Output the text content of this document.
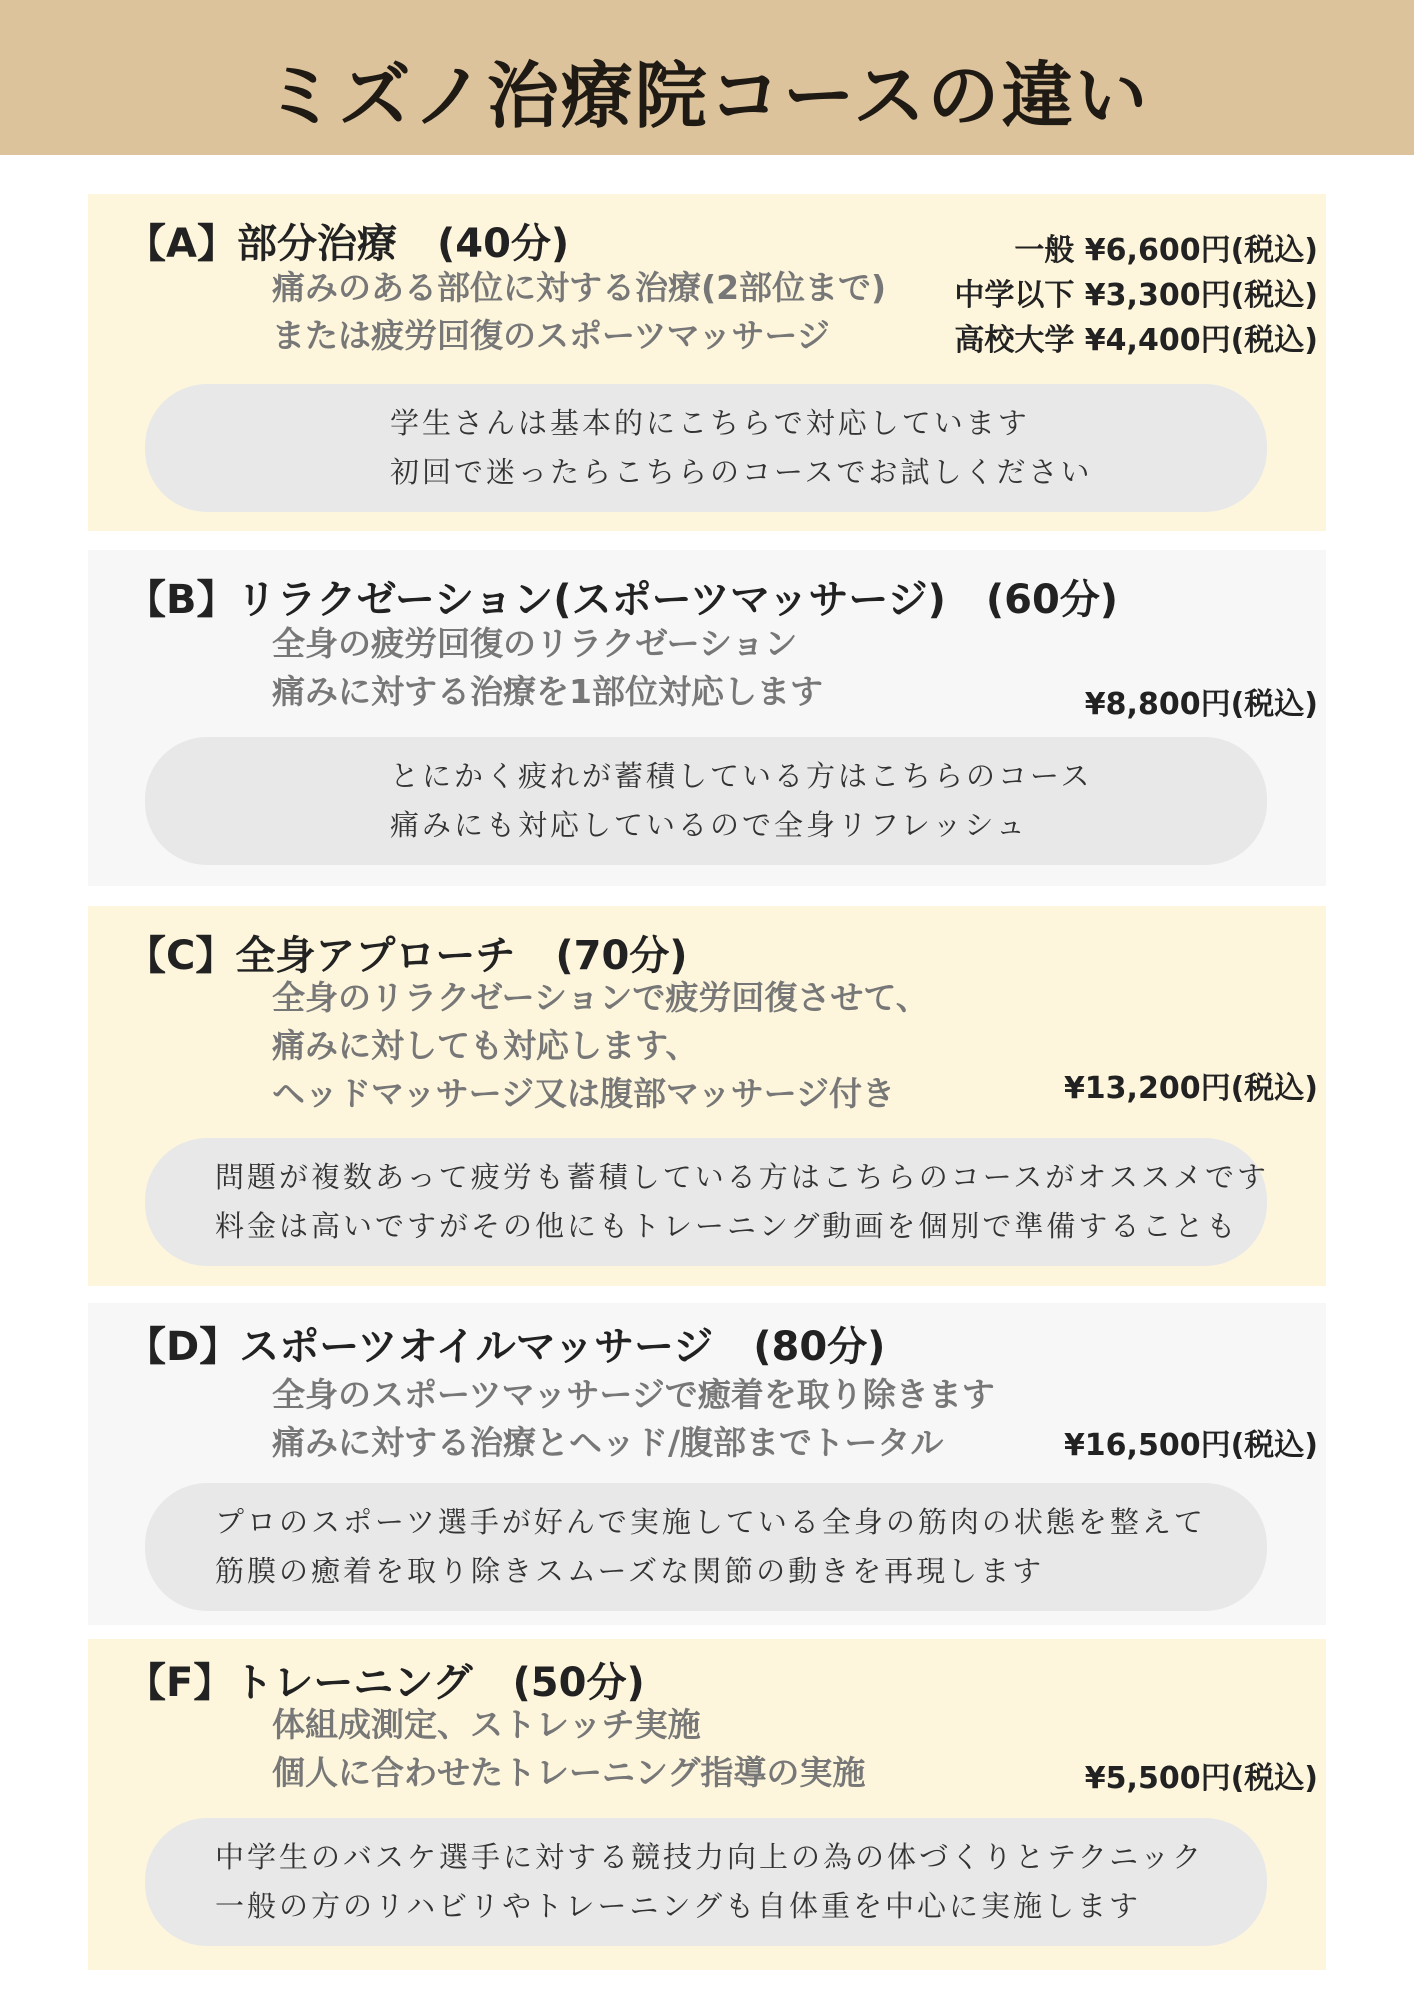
ミズノ治療院コースの違い
【A】部分治療　(40分)
痛みのある部位に対する治療(2部位まで)
または疲労回復のスポーツマッサージ
一般 ¥6,600円(税込)
中学以下 ¥3,300円(税込)
高校大学 ¥4,400円(税込)
学生さんは基本的にこちらで対応しています
初回で迷ったらこちらのコースでお試しください
【B】リラクゼーション(スポーツマッサージ)　(60分)
全身の疲労回復のリラクゼーション
痛みに対する治療を1部位対応します	¥8,800円(税込)
とにかく疲れが蓄積している方はこちらのコース
痛みにも対応しているので全身リフレッシュ
【C】全身アプローチ　(70分)
全身のリラクゼーションで疲労回復させて、
痛みに対しても対応します、
ヘッドマッサージ又は腹部マッサージ付き	¥13,200円(税込)
問題が複数あって疲労も蓄積している方はこちらのコースがオススメです
料金は高いですがその他にもトレーニング動画を個別で準備することも
【D】スポーツオイルマッサージ　(80分)
全身のスポーツマッサージで癒着を取り除きます
痛みに対する治療とヘッド/腹部までトータル	¥16,500円(税込)
プロのスポーツ選手が好んで実施している全身の筋肉の状態を整えて
筋膜の癒着を取り除きスムーズな関節の動きを再現します
【F】トレーニング　(50分)
体組成測定、ストレッチ実施
個人に合わせたトレーニング指導の実施	¥5,500円(税込)
中学生のバスケ選手に対する競技力向上の為の体づくりとテクニック
一般の方のリハビリやトレーニングも自体重を中心に実施します
